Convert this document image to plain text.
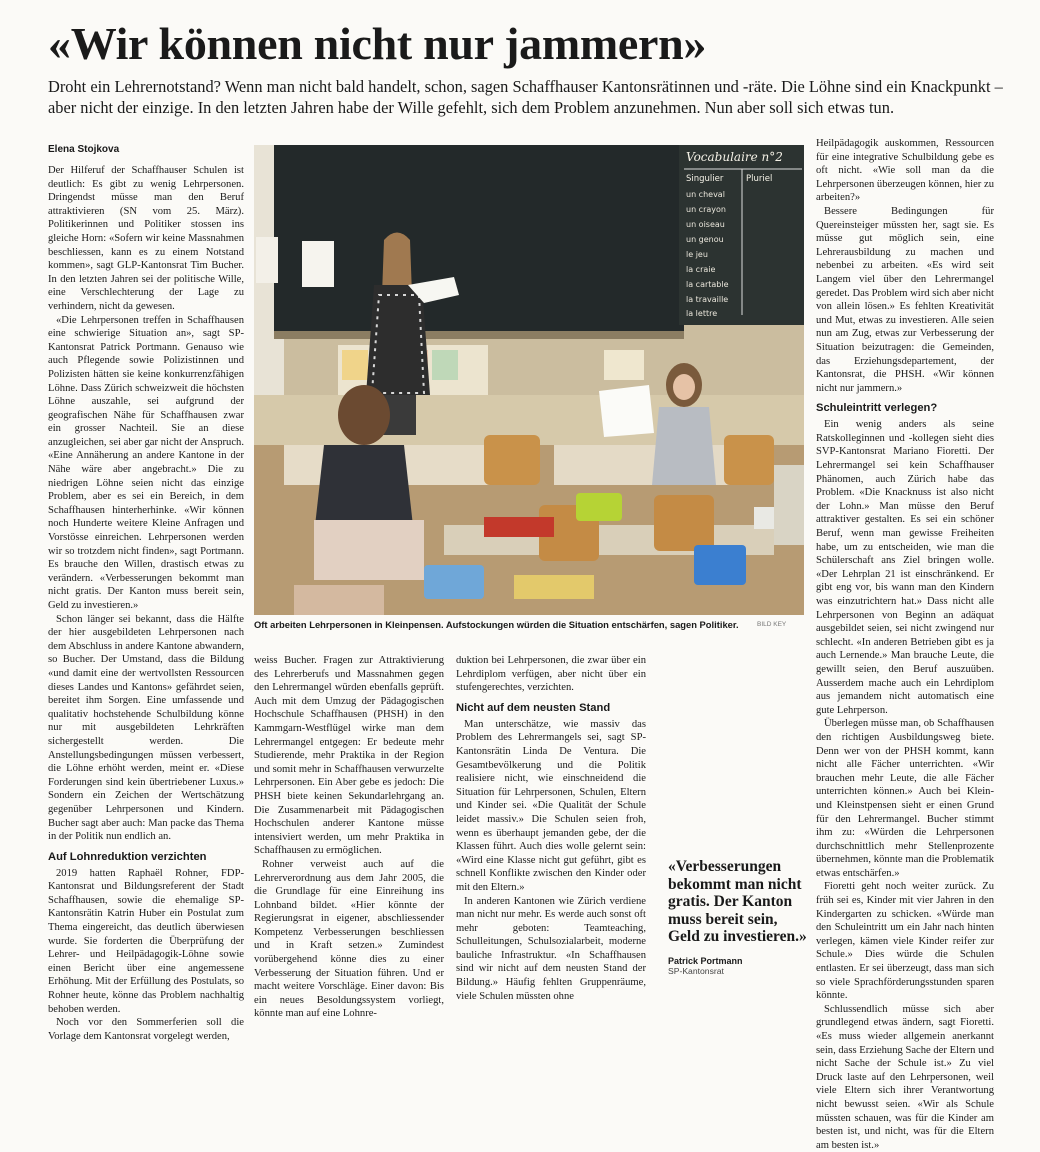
«Wir können nicht nur jammern»

Droht ein Lehrernotstand? Wenn man nicht bald handelt, schon, sagen Schaffhauser Kantonsrätinnen und -räte. Die Löhne sind ein Knackpunkt – aber nicht der einzige. In den letzten Jahren habe der Wille gefehlt, sich dem Problem anzunehmen. Nun aber soll sich etwas tun.

Elena Stojkova

Der Hilferuf der Schaffhauser Schulen ist deutlich: Es gibt zu wenig Lehrpersonen. Dringendst müsse man den Beruf attraktivieren (SN vom 25. März). Politikerinnen und Politiker stossen ins gleiche Horn: «Sofern wir keine Massnahmen beschliessen, kann es zu einem Notstand kommen», sagt GLP-Kantonsrat Tim Bucher. In den letzten Jahren sei der politische Wille, eine Verschlechterung der Lage zu verhindern, nicht da gewesen.

«Die Lehrpersonen treffen in Schaffhausen eine schwierige Situation an», sagt SP-Kantonsrat Patrick Portmann. Genauso wie auch Pflegende sowie Polizistinnen und Polizisten hätten sie keine konkurrenzfähigen Löhne. Dass Zürich schweizweit die höchsten Löhne auszahle, sei aufgrund der geografischen Nähe für Schaffhausen zwar ein grosser Nachteil. Sie an diese anzugleichen, sei aber gar nicht der Anspruch. «Eine Annäherung an andere Kantone in der Nähe wäre aber angebracht.» Die zu niedrigen Löhne seien nicht das einzige Problem, aber es sei ein Bereich, in dem Schaffhausen hinterherhinke. «Wir können noch Hunderte weitere Kleine Anfragen und Vorstösse einreichen. Lehrpersonen werden wir so trotzdem nicht finden», sagt Portmann. Es brauche den Willen, drastisch etwas zu verändern. «Verbesserungen bekommt man nicht gratis. Der Kanton muss bereit sein, Geld zu investieren.»

Schon länger sei bekannt, dass die Hälfte der hier ausgebildeten Lehrpersonen nach dem Abschluss in andere Kantone abwandern, so Bucher. Der Umstand, dass die Bildung «und damit eine der wertvollsten Ressourcen dieses Landes und Kantons» gefährdet seien, bereitet ihm Sorgen. Eine umfassende und qualitativ hochstehende Schulbildung könne nur mit ausgebildeten Lehrkräften sichergestellt werden. Die Anstellungsbedingungen müssen verbessert, die Löhne erhöht werden, meint er. «Diese Forderungen sind kein übertriebener Luxus.» Sondern ein Zeichen der Wertschätzung gegenüber Lehrpersonen und Kindern. Bucher sagt aber auch: Man packe das Thema in der Politik nun endlich an.

Auf Lohnreduktion verzichten

2019 hatten Raphaël Rohner, FDP-Kantonsrat und Bildungsreferent der Stadt Schaffhausen, sowie die ehemalige SP-Kantonsrätin Katrin Huber ein Postulat zum Thema eingereicht, das deutlich überwiesen wurde. Sie forderten die Überprüfung der Lehrer- und Heilpädagogik-Löhne sowie einen Bericht über eine angemessene Erhöhung. Mit der Erfüllung des Postulats, so Rohner heute, könne das Problem nachhaltig behoben werden.

Noch vor den Sommerferien soll die Vorlage dem Kantonsrat vorgelegt werden,

Vocabulaire n°2
Singulier	Pluriel
un cheval
un crayon
un oiseau
un genou
le jeu
la craie
la cartable
la travaille
la lettre
Oft arbeiten Lehrpersonen in Kleinpensen. Aufstockungen würden die Situation entschärfen, sagen Politiker.	BILD KEY

weiss Bucher. Fragen zur Attraktivierung des Lehrerberufs und Massnahmen gegen den Lehrermangel würden ebenfalls geprüft. Auch mit dem Umzug der Pädagogischen Hochschule Schaffhausen (PHSH) in den Kammgarn-Westflügel wirke man dem Lehrermangel entgegen: Er bedeute mehr Studierende, mehr Praktika in der Region und somit mehr in Schaffhausen verwurzelte Lehrpersonen. Ein Aber gebe es jedoch: Die PHSH biete keinen Sekundarlehrgang an. Die Zusammenarbeit mit Pädagogischen Hochschulen anderer Kantone müsse intensiviert werden, um mehr Praktika in Schaffhausen zu ermöglichen.

Rohner verweist auch auf die Lehrerverordnung aus dem Jahr 2005, die die Grundlage für eine Einreihung ins Lohnband bildet. «Hier könnte der Regierungsrat in eigener, abschliessender Kompetenz Verbesserungen beschliessen und in Kraft setzen.» Zumindest vorübergehend könne dies zu einer Verbesserung der Situation führen. Und er macht weitere Vorschläge. Einer davon: Bis ein neues Besoldungssystem vorliegt, könnte man auf eine Lohnre-

duktion bei Lehrpersonen, die zwar über ein Lehrdiplom verfügen, aber nicht über ein stufengerechtes, verzichten.

Nicht auf dem neusten Stand

Man unterschätze, wie massiv das Problem des Lehrermangels sei, sagt SP-Kantonsrätin Linda De Ventura. Die Gesamtbevölkerung und die Politik realisiere nicht, wie einschneidend die Situation für Lehrpersonen, Schulen, Eltern und Kinder sei. «Die Qualität der Schule leidet massiv.» Die Schulen seien froh, wenn es überhaupt jemanden gebe, der die Klassen führt. Auch dies wolle gelernt sein: «Wird eine Klasse nicht gut geführt, gibt es schnell Konflikte zwischen den Kinder oder mit den Eltern.»

In anderen Kantonen wie Zürich verdiene man nicht nur mehr. Es werde auch sonst oft mehr geboten: Teamteaching, Schulleitungen, Schulsozialarbeit, moderne bauliche Infrastruktur. «In Schaffhausen sind wir nicht auf dem neusten Stand der Bildung.» Häufig fehlten Gruppenräume, viele Schulen müssten ohne

«Verbesserungen bekommt man nicht gratis. Der Kanton muss bereit sein, Geld zu investieren.»

Patrick Portmann
SP-Kantonsrat

Heilpädagogik auskommen, Ressourcen für eine integrative Schulbildung gebe es oft nicht. «Wie soll man da die Lehrpersonen überzeugen können, hier zu arbeiten?»

Bessere Bedingungen für Quereinsteiger müssten her, sagt sie. Es müsse gut möglich sein, eine Lehrerausbildung zu machen und nebenbei zu arbeiten. «Es wird seit Langem viel über den Lehrermangel geredet. Das Problem wird sich aber nicht von allein lösen.» Es fehlten Kreativität und Mut, etwas zu investieren. Alle seien nun am Zug, etwas zur Verbesserung der Situation beizutragen: die Gemeinden, das Erziehungsdepartement, der Kantonsrat, die PHSH. «Wir können nicht nur jammern.»

Schuleintritt verlegen?

Ein wenig anders als seine Ratskolleginnen und -kollegen sieht dies SVP-Kantonsrat Mariano Fioretti. Der Lehrermangel sei kein Schaffhauser Phänomen, auch Zürich habe das Problem. «Die Knacknuss ist also nicht der Lohn.» Man müsse den Beruf attraktiver gestalten. Es sei ein schöner Beruf, wenn man gewisse Freiheiten habe, um zu entscheiden, wie man die Schülerschaft ans Ziel bringen wolle. «Der Lehrplan 21 ist einschränkend. Er gibt eng vor, bis wann man den Kindern was einzutrichtern hat.» Dass nicht alle Lehrpersonen von Beginn an adäquat ausgebildet seien, sei nicht zwingend nur schlecht. «In anderen Betrieben gibt es ja auch Lernende.» Man brauche Leute, die gewillt seien, den Beruf auszuüben. Ausserdem mache auch ein Lehrdiplom aus jemandem nicht automatisch eine gute Lehrperson.

Überlegen müsse man, ob Schaffhausen den richtigen Ausbildungsweg biete. Denn wer von der PHSH kommt, kann nicht alle Fächer unterrichten. «Wir brauchen mehr Leute, die alle Fächer unterrichten können.» Auch bei Klein- und Kleinstpensen sieht er einen Grund für den Lehrermangel. Bucher stimmt ihm zu: «Würden die Lehrpersonen durchschnittlich mehr Stellenprozente übernehmen, könnte man die Problematik etwas entschärfen.»

Fioretti geht noch weiter zurück. Zu früh sei es, Kinder mit vier Jahren in den Kindergarten zu schicken. «Würde man den Schuleintritt um ein Jahr nach hinten verlegen, kämen viele Kinder reifer zur Schule.» Dies würde die Schulen entlasten. Er sei überzeugt, dass man sich so viele Sprachförderungsstunden sparen könnte.

Schlussendlich müsse sich aber grundlegend etwas ändern, sagt Fioretti. «Es muss wieder allgemein anerkannt sein, dass Erziehung Sache der Eltern und nicht Sache der Schule ist.» Zu viel Druck laste auf den Lehrpersonen, weil viele Eltern sich ihrer Verantwortung nicht bewusst seien. «Wir als Schule müssten schauen, was für die Kinder am besten ist, und nicht, was für die Eltern am besten ist.»
